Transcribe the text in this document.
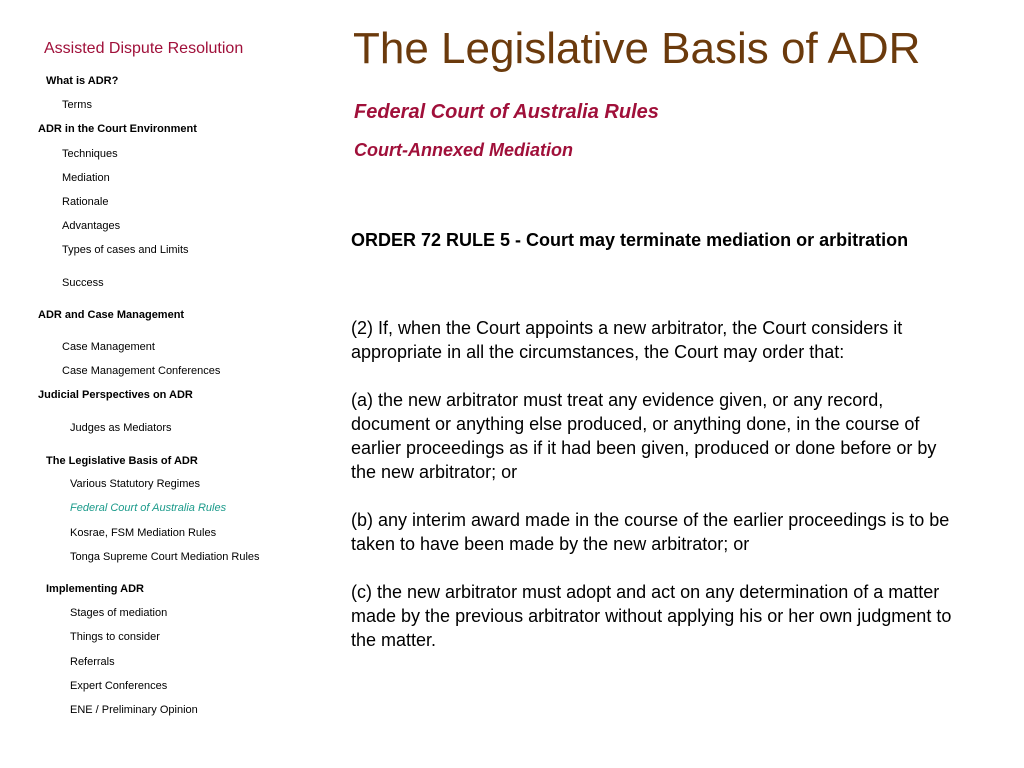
Assisted Dispute Resolution
What is ADR?
Terms
ADR in the Court Environment
Techniques
Mediation
Rationale
Advantages
Types of cases and Limits
Success
ADR and Case Management
Case Management
Case Management Conferences
Judicial Perspectives on ADR
Judges as Mediators
The Legislative Basis of ADR
Various Statutory Regimes
Federal Court of Australia Rules
Kosrae, FSM Mediation Rules
Tonga Supreme Court Mediation Rules
Implementing ADR
Stages of mediation
Things to consider
Referrals
Expert Conferences
ENE / Preliminary Opinion
The Legislative Basis of ADR
Federal Court of Australia Rules
Court-Annexed Mediation
ORDER 72 RULE 5 - Court may terminate mediation or arbitration

(2) If, when the Court appoints a new arbitrator, the Court considers it appropriate in all the circumstances, the Court may order that:

(a) the new arbitrator must treat any evidence given, or any record, document or anything else produced, or anything done, in the course of earlier proceedings as if it had been given, produced or done before or by the new arbitrator; or

(b) any interim award made in the course of the earlier proceedings is to be taken to have been made by the new arbitrator; or

(c) the new arbitrator must adopt and act on any determination of a matter made by the previous arbitrator without applying his or her own judgment to the matter.
